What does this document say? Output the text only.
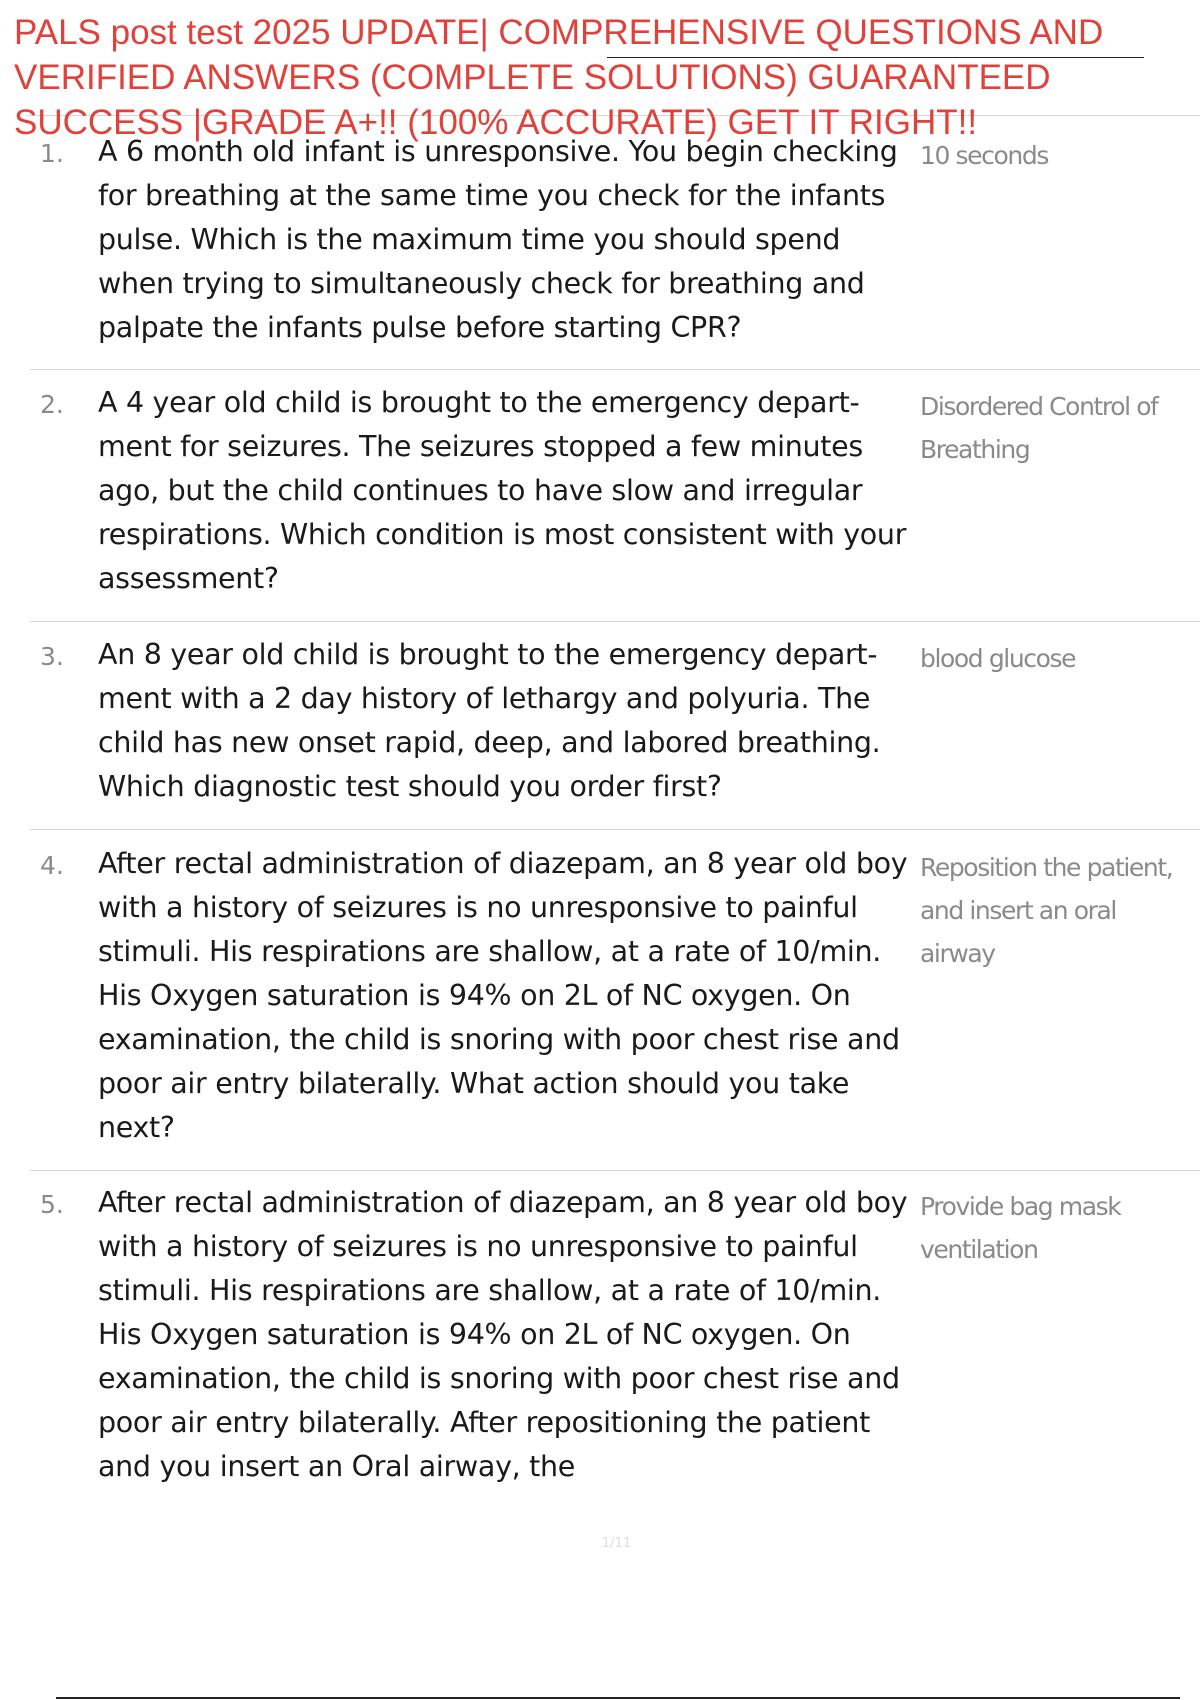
PALS post test 2025 UPDATE| COMPREHENSIVE QUESTIONS AND VERIFIED ANSWERS (COMPLETE SOLUTIONS) GUARANTEED SUCCESS |GRADE A+!! (100% ACCURATE) GET IT RIGHT!!
1. A 6 month old infant is unresponsive. You begin checking for breathing at the same time you check for the infants pulse. Which is the maximum time you should spend when trying to simultaneously check for breathing and palpate the infants pulse before starting CPR?

10 seconds

2. A 4 year old child is brought to the emergency department for seizures. The seizures stopped a few minutes ago, but the child continues to have slow and irregular respirations. Which condition is most consistent with your assessment?

Disordered Control of Breathing

3. An 8 year old child is brought to the emergency department with a 2 day history of lethargy and polyuria. The child has new onset rapid, deep, and labored breathing. Which diagnostic test should you order first?

blood glucose

4. After rectal administration of diazepam, an 8 year old boy with a history of seizures is no unresponsive to painful stimuli. His respirations are shallow, at a rate of 10/min. His Oxygen saturation is 94% on 2L of NC oxygen. On examination, the child is snoring with poor chest rise and poor air entry bilaterally. What action should you take next?

Reposition the patient, and insert an oral airway

5. After rectal administration of diazepam, an 8 year old boy with a history of seizures is no unresponsive to painful stimuli. His respirations are shallow, at a rate of 10/min. His Oxygen saturation is 94% on 2L of NC oxygen. On examination, the child is snoring with poor chest rise and poor air entry bilaterally. After repositioning the patient and you insert an Oral airway, the

Provide bag mask ventilation

1/11
